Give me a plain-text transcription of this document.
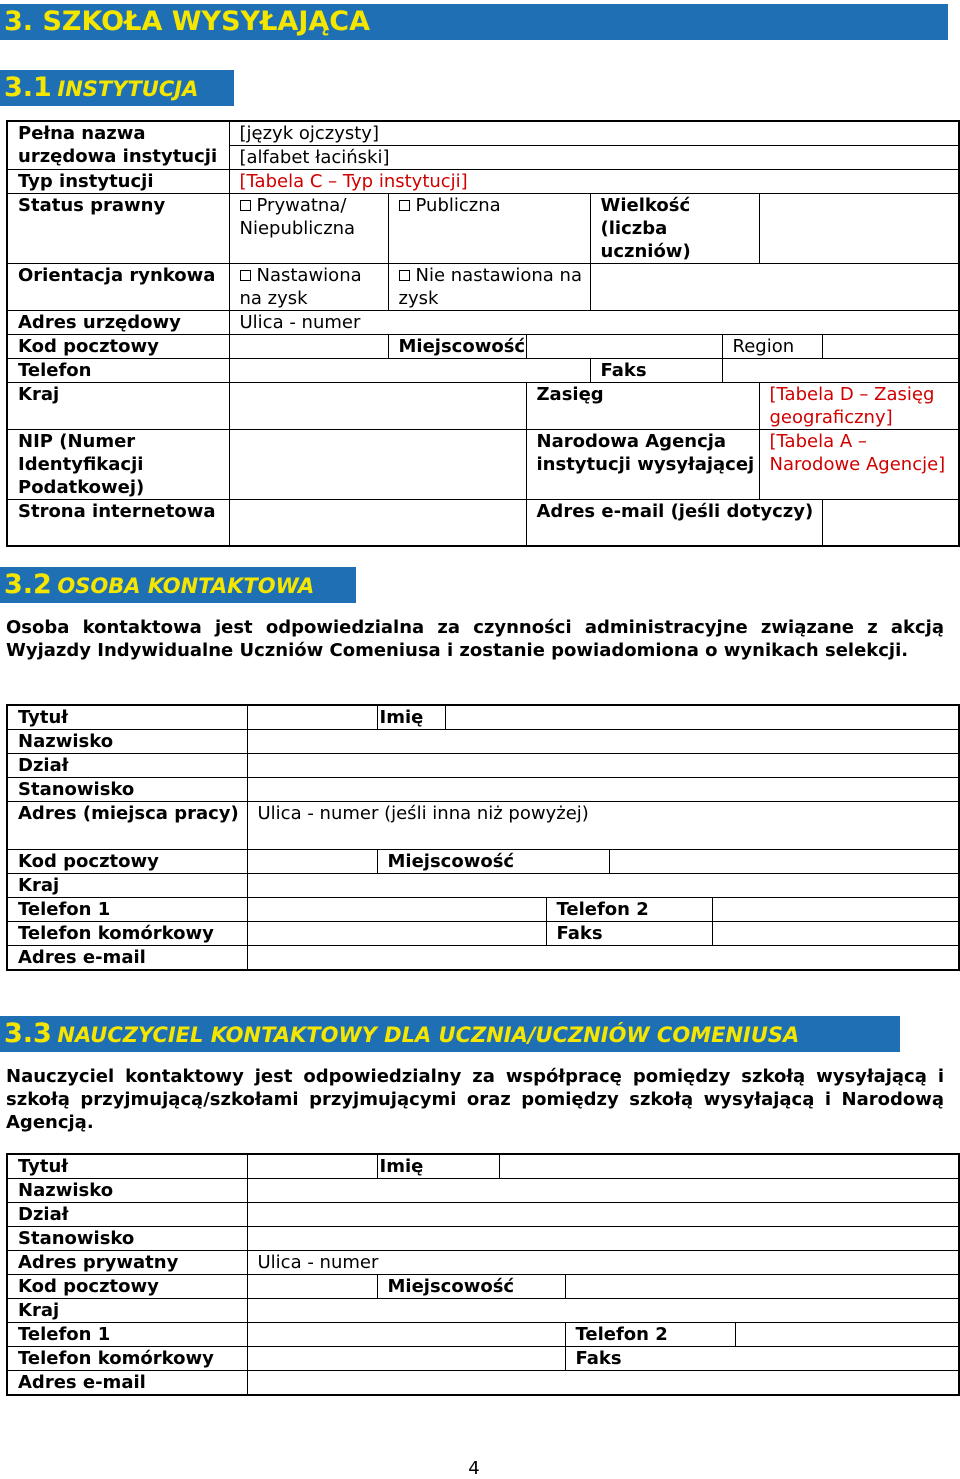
3. SZKOŁA WYSYŁAJĄCA
3.1 INSTYTUCJA
Pełna nazwa urzędowa instytucji	[język ojczysty]						
	[alfabet łaciński]						
Typ instytucji	[Tabela C – Typ instytucji]						
Status prawny	Prywatna/ Niepubliczna	Publiczna		Wielkość (liczba uczniów)			
Orientacja rynkowa	Nastawiona na zysk	Nie nastawiona na zysk					
Adres urzędowy	Ulica - numer						
Kod pocztowy		Miejscowość			Region		
Telefon				Faks			
Kraj			Zasięg			[Tabela D – Zasięg geograficzny]	
NIP (Numer Identyfikacji Podatkowej)			Narodowa Agencja instytucji wysyłającej			[Tabela A – Narodowe Agencje]	
Strona internetowa			Adres e-mail (jeśli dotyczy)				
3.2 OSOBA KONTAKTOWA
Osoba kontaktowa jest odpowiedzialna za czynności administracyjne związane z akcją Wyjazdy Indywidualne Uczniów Comeniusa i zostanie powiadomiona o wynikach selekcji.
Tytuł		Imię				
Nazwisko						
Dział						
Stanowisko						
Adres (miejsca pracy)	Ulica - numer (jeśli inna niż powyżej)					
Kod pocztowy		Miejscowość				
Kraj						
Telefon 1				Telefon 2		
Telefon komórkowy				Faks		
Adres e-mail						
3.3 NAUCZYCIEL KONTAKTOWY DLA UCZNIA/UCZNIÓW COMENIUSA
Nauczyciel kontaktowy jest odpowiedzialny za współpracę pomiędzy szkołą wysyłającą i szkołą przyjmującą/szkołami przyjmującymi oraz pomiędzy szkołą wysyłającą i Narodową Agencją.
Tytuł		Imię			
Nazwisko					
Dział					
Stanowisko					
Adres prywatny	Ulica - numer				
Kod pocztowy		Miejscowość			
Kraj					
Telefon 1				Telefon 2	
Telefon komórkowy				Faks	
Adres e-mail					
4
